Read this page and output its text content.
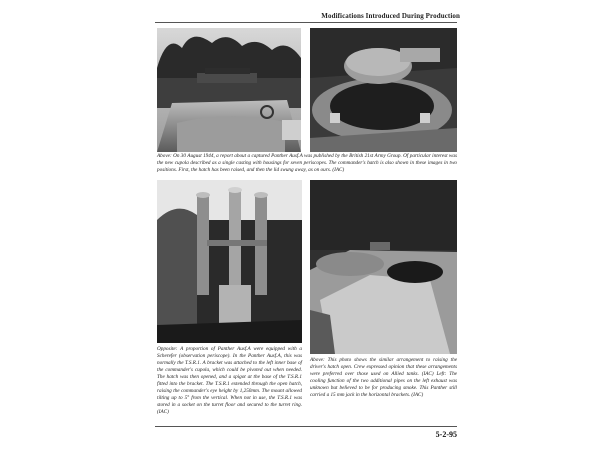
Modifications Introduced During Production
Above: On 30 August 1944, a report about a captured Panther Ausf.A was published by the British 21st Army Group. Of particular interest was the new cupola described as a single casting with housings for seven periscopes. The commander's hatch is also shown in these images in two positions. First, the hatch has been raised, and then the lid swung away, as on ours. (IAC)
Opposite: A proportion of Panther Ausf.A were equipped with a Scherefer (observation periscope). In the Panther Ausf.A, this was normally the T.S.R.1. A bracket was attached to the left inner base of the commander's cupola, which could be pivoted out when needed. The hatch was then opened, and a spigot at the base of the T.S.R.1 fitted into the bracket. The T.S.R.1 extended through the open hatch, raising the commander's eye height by 1,250mm. The mount allowed tilting up to 5° from the vertical. When not in use, the T.S.R.1 was stored in a socket on the turret floor and secured to the turret ring. (IAC)
Above: This photo shows the similar arrangement to raising the driver's hatch open. Crew expressed opinion that these arrangements were preferred over those used on Allied tanks. (IAC) Left: The cooling function of the two additional pipes on the left exhaust was unknown but believed to be for producing smoke. This Panther still carried a 15 mm jack in the horizontal brackets. (IAC)
5-2-95
